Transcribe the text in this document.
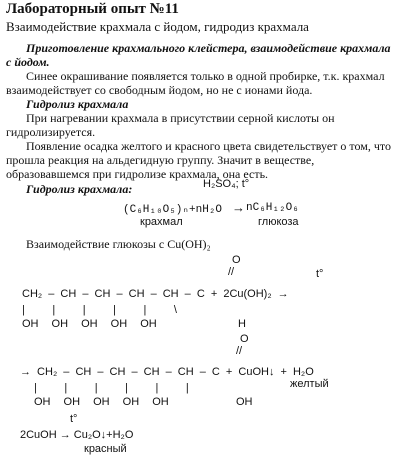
Лабораторный опыт №11
Взаимодействие крахмала с йодом, гидродиз крахмала
Приготовление крахмального клейстера, взаимодействие крахмала с йодом.
Синее окрашивание появляется только в одной пробирке, т.к. крахмал взаимодействует со свободным йодом, но не с ионами йода.
Гидролиз крахмала
При нагревании крахмала в присутствии серной кислоты он гидролизируется.
Появление осадка желтого и красного цвета свидетельствует о том, что прошла реакция на альдегидную группу. Значит в веществе, образовавшемся при гидролизе крахмала, она есть.
Гидролиз крахмала:	H₂SO₄; t°
(C₆H₁₀O₅)ₙ+nH₂O → nC₆H₁₂O₆
крахмал	глюкоза
Взаимодействие глюкозы с Cu(OH)₂
O
//	t°
CH₂ – CH – CH – CH – CH – C + 2Cu(OH)₂ →
|         |         |         |         |         \
OH OH OH OH OH	H
O
//
→ CH₂ – CH – CH – CH – CH – C + CuOH↓ + H₂O
желтый
|         |         |         |         |         |
OH OH OH OH OH	OH
t°
2CuOH → Cu₂O↓+H₂O
красный
